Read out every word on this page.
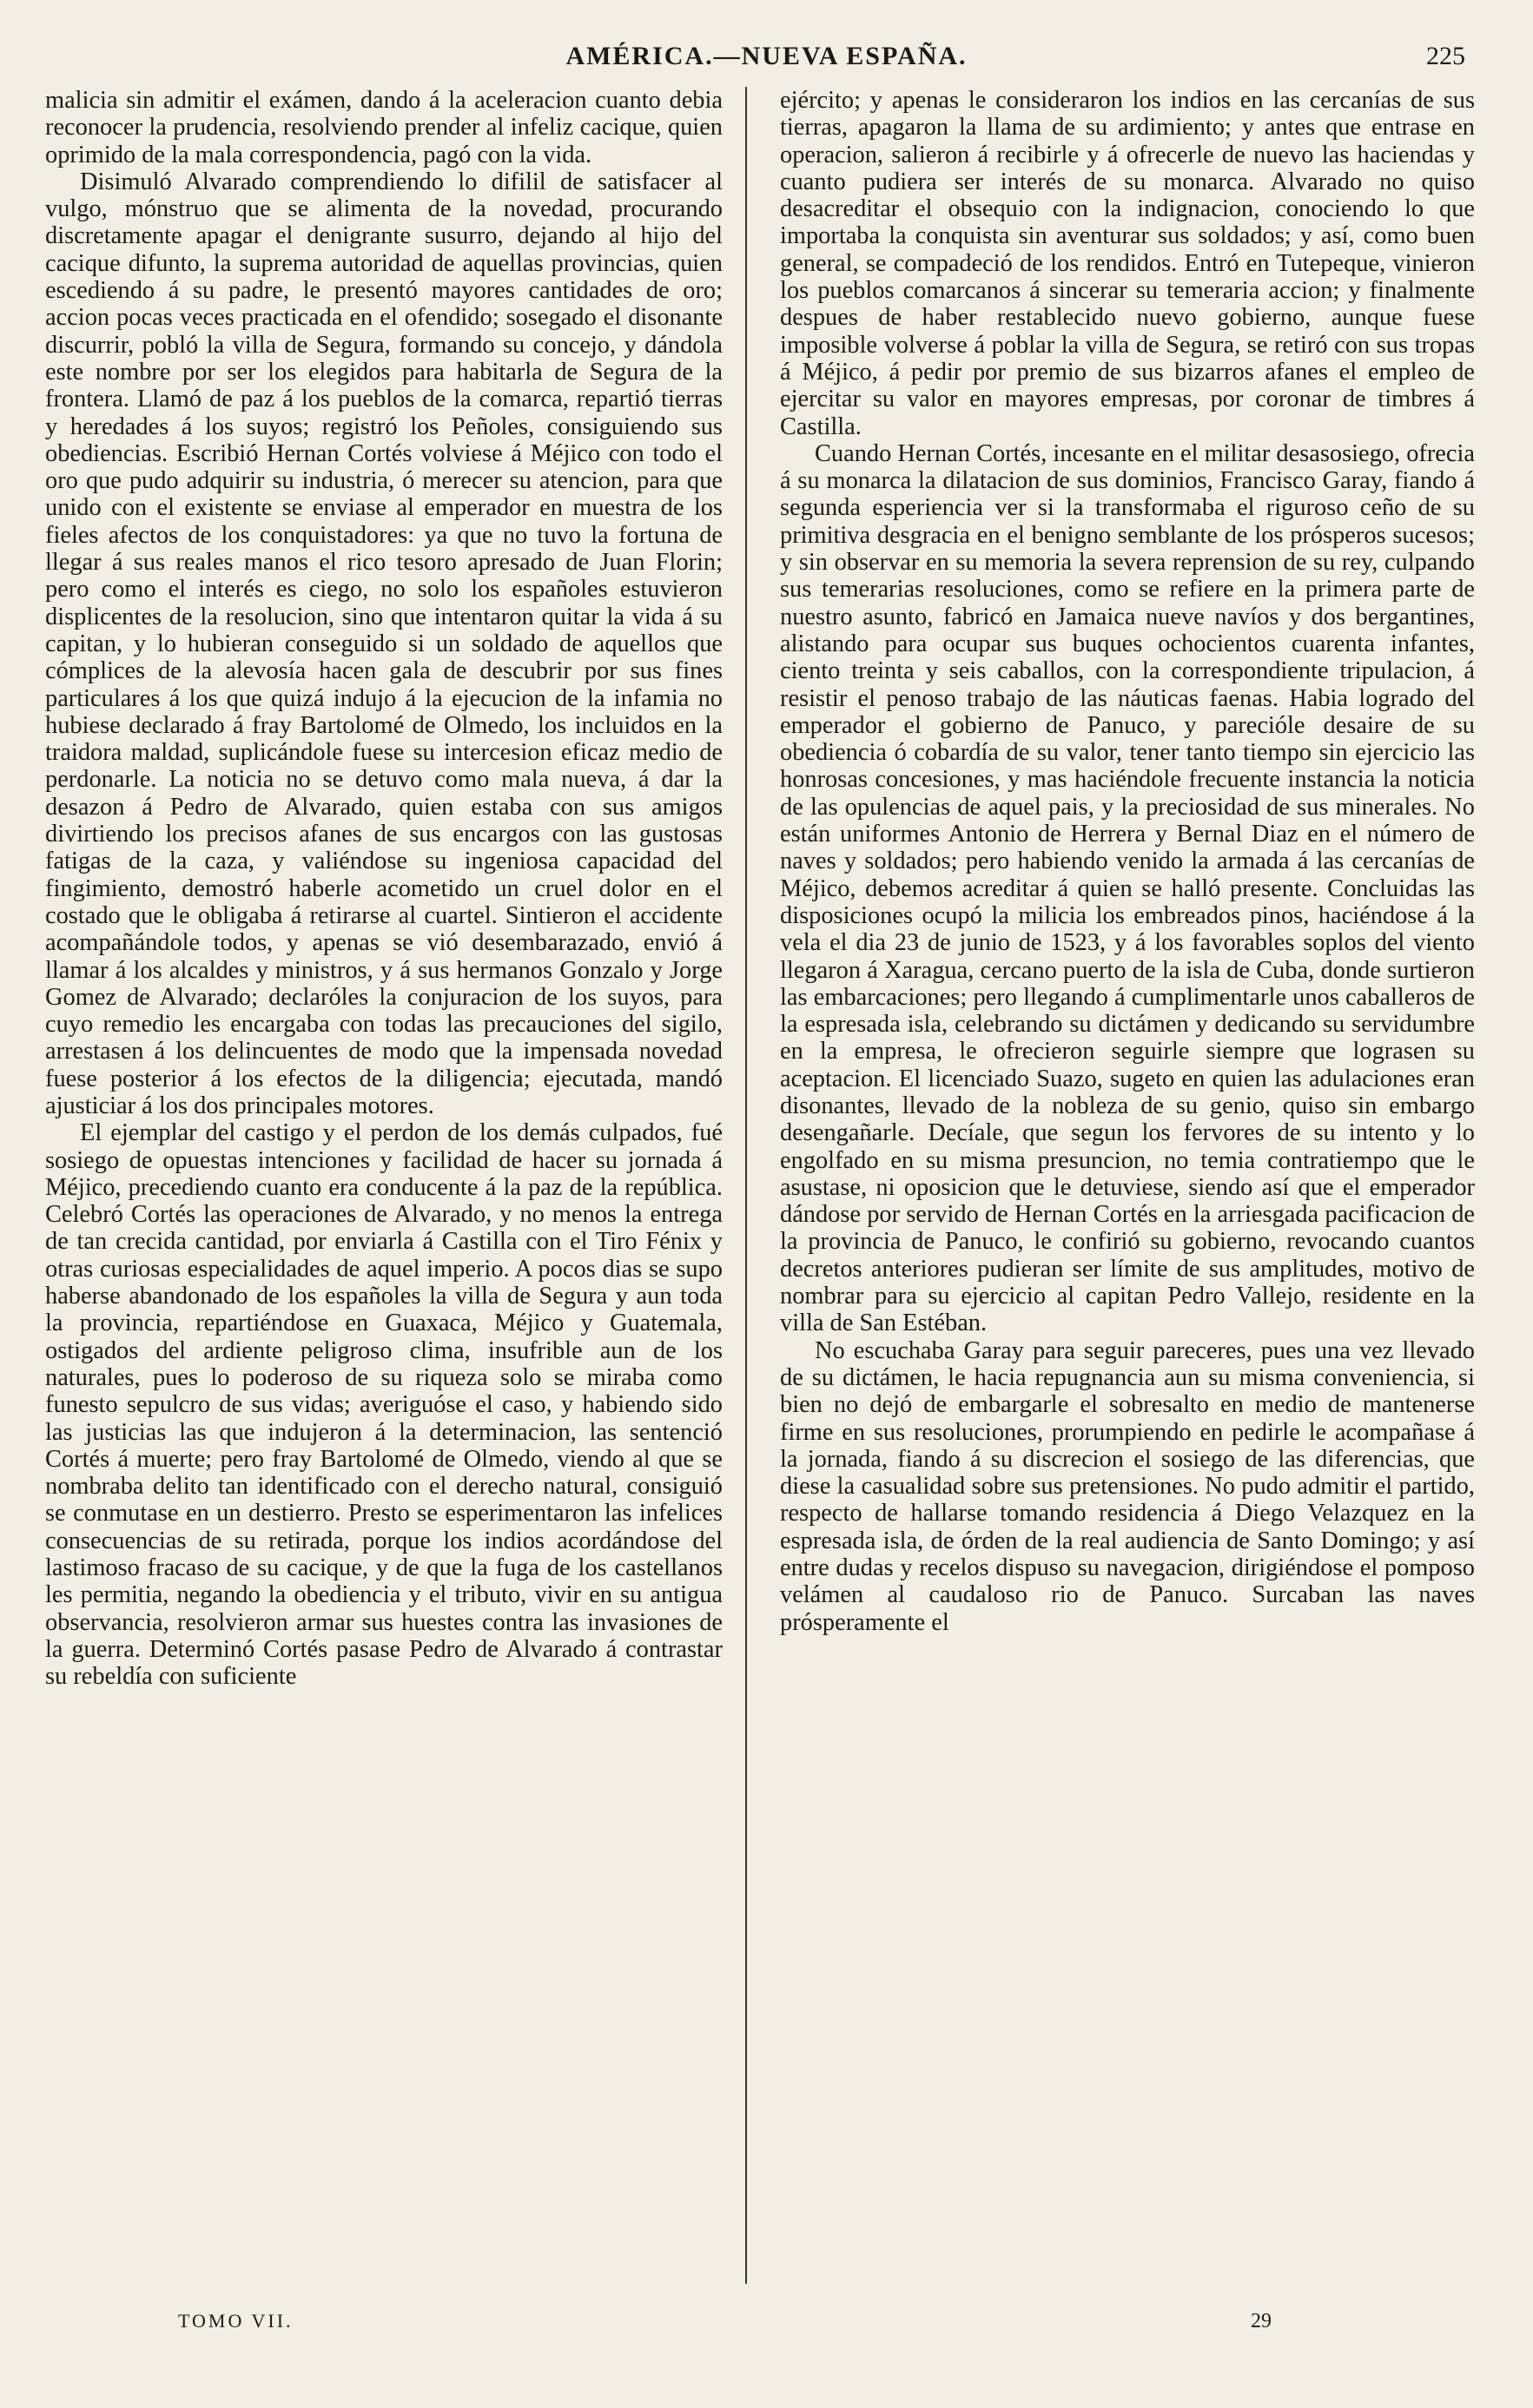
AMÉRICA.—NUEVA ESPAÑA.	225

malicia sin admitir el exámen, dando á la aceleracion cuanto debia reconocer la prudencia, resolviendo prender al infeliz cacique, quien oprimido de la mala correspondencia, pagó con la vida.

Disimuló Alvarado comprendiendo lo difilil de satisfacer al vulgo, mónstruo que se alimenta de la novedad, procurando discretamente apagar el denigrante susurro, dejando al hijo del cacique difunto, la suprema autoridad de aquellas provincias, quien escediendo á su padre, le presentó mayores cantidades de oro; accion pocas veces practicada en el ofendido; sosegado el disonante discurrir, pobló la villa de Segura, formando su concejo, y dándola este nombre por ser los elegidos para habitarla de Segura de la frontera. Llamó de paz á los pueblos de la comarca, repartió tierras y heredades á los suyos; registró los Peñoles, consiguiendo sus obediencias. Escribió Hernan Cortés volviese á Méjico con todo el oro que pudo adquirir su industria, ó merecer su atencion, para que unido con el existente se enviase al emperador en muestra de los fieles afectos de los conquistadores: ya que no tuvo la fortuna de llegar á sus reales manos el rico tesoro apresado de Juan Florin; pero como el interés es ciego, no solo los españoles estuvieron displicentes de la resolucion, sino que intentaron quitar la vida á su capitan, y lo hubieran conseguido si un soldado de aquellos que cómplices de la alevosía hacen gala de descubrir por sus fines particulares á los que quizá indujo á la ejecucion de la infamia no hubiese declarado á fray Bartolomé de Olmedo, los incluidos en la traidora maldad, suplicándole fuese su intercesion eficaz medio de perdonarle. La noticia no se detuvo como mala nueva, á dar la desazon á Pedro de Alvarado, quien estaba con sus amigos divirtiendo los precisos afanes de sus encargos con las gustosas fatigas de la caza, y valiéndose su ingeniosa capacidad del fingimiento, demostró haberle acometido un cruel dolor en el costado que le obligaba á retirarse al cuartel. Sintieron el accidente acompañándole todos, y apenas se vió desembarazado, envió á llamar á los alcaldes y ministros, y á sus hermanos Gonzalo y Jorge Gomez de Alvarado; declaróles la conjuracion de los suyos, para cuyo remedio les encargaba con todas las precauciones del sigilo, arrestasen á los delincuentes de modo que la impensada novedad fuese posterior á los efectos de la diligencia; ejecutada, mandó ajusticiar á los dos principales motores.

El ejemplar del castigo y el perdon de los demás culpados, fué sosiego de opuestas intenciones y facilidad de hacer su jornada á Méjico, precediendo cuanto era conducente á la paz de la república. Celebró Cortés las operaciones de Alvarado, y no menos la entrega de tan crecida cantidad, por enviarla á Castilla con el Tiro Fénix y otras curiosas especialidades de aquel imperio. A pocos dias se supo haberse abandonado de los españoles la villa de Segura y aun toda la provincia, repartiéndose en Guaxaca, Méjico y Guatemala, ostigados del ardiente peligroso clima, insufrible aun de los naturales, pues lo poderoso de su riqueza solo se miraba como funesto sepulcro de sus vidas; averiguóse el caso, y habiendo sido las justicias las que indujeron á la determinacion, las sentenció Cortés á muerte; pero fray Bartolomé de Olmedo, viendo al que se nombraba delito tan identificado con el derecho natural, consiguió se conmutase en un destierro. Presto se esperimentaron las infelices consecuencias de su retirada, porque los indios acordándose del lastimoso fracaso de su cacique, y de que la fuga de los castellanos les permitia, negando la obediencia y el tributo, vivir en su antigua observancia, resolvieron armar sus huestes contra las invasiones de la guerra. Determinó Cortés pasase Pedro de Alvarado á contrastar su rebeldía con suficiente

ejército; y apenas le consideraron los indios en las cercanías de sus tierras, apagaron la llama de su ardimiento; y antes que entrase en operacion, salieron á recibirle y á ofrecerle de nuevo las haciendas y cuanto pudiera ser interés de su monarca. Alvarado no quiso desacreditar el obsequio con la indignacion, conociendo lo que importaba la conquista sin aventurar sus soldados; y así, como buen general, se compadeció de los rendidos. Entró en Tutepeque, vinieron los pueblos comarcanos á sincerar su temeraria accion; y finalmente despues de haber restablecido nuevo gobierno, aunque fuese imposible volverse á poblar la villa de Segura, se retiró con sus tropas á Méjico, á pedir por premio de sus bizarros afanes el empleo de ejercitar su valor en mayores empresas, por coronar de timbres á Castilla.

Cuando Hernan Cortés, incesante en el militar desasosiego, ofrecia á su monarca la dilatacion de sus dominios, Francisco Garay, fiando á segunda esperiencia ver si la transformaba el riguroso ceño de su primitiva desgracia en el benigno semblante de los prósperos sucesos; y sin observar en su memoria la severa reprension de su rey, culpando sus temerarias resoluciones, como se refiere en la primera parte de nuestro asunto, fabricó en Jamaica nueve navíos y dos bergantines, alistando para ocupar sus buques ochocientos cuarenta infantes, ciento treinta y seis caballos, con la correspondiente tripulacion, á resistir el penoso trabajo de las náuticas faenas. Habia logrado del emperador el gobierno de Panuco, y parecióle desaire de su obediencia ó cobardía de su valor, tener tanto tiempo sin ejercicio las honrosas concesiones, y mas haciéndole frecuente instancia la noticia de las opulencias de aquel pais, y la preciosidad de sus minerales. No están uniformes Antonio de Herrera y Bernal Diaz en el número de naves y soldados; pero habiendo venido la armada á las cercanías de Méjico, debemos acreditar á quien se halló presente. Concluidas las disposiciones ocupó la milicia los embreados pinos, haciéndose á la vela el dia 23 de junio de 1523, y á los favorables soplos del viento llegaron á Xaragua, cercano puerto de la isla de Cuba, donde surtieron las embarcaciones; pero llegando á cumplimentarle unos caballeros de la espresada isla, celebrando su dictámen y dedicando su servidumbre en la empresa, le ofrecieron seguirle siempre que lograsen su aceptacion. El licenciado Suazo, sugeto en quien las adulaciones eran disonantes, llevado de la nobleza de su genio, quiso sin embargo desengañarle. Decíale, que segun los fervores de su intento y lo engolfado en su misma presuncion, no temia contratiempo que le asustase, ni oposicion que le detuviese, siendo así que el emperador dándose por servido de Hernan Cortés en la arriesgada pacificacion de la provincia de Panuco, le confirió su gobierno, revocando cuantos decretos anteriores pudieran ser límite de sus amplitudes, motivo de nombrar para su ejercicio al capitan Pedro Vallejo, residente en la villa de San Estéban.

No escuchaba Garay para seguir pareceres, pues una vez llevado de su dictámen, le hacia repugnancia aun su misma conveniencia, si bien no dejó de embargarle el sobresalto en medio de mantenerse firme en sus resoluciones, prorumpiendo en pedirle le acompañase á la jornada, fiando á su discrecion el sosiego de las diferencias, que diese la casualidad sobre sus pretensiones. No pudo admitir el partido, respecto de hallarse tomando residencia á Diego Velazquez en la espresada isla, de órden de la real audiencia de Santo Domingo; y así entre dudas y recelos dispuso su navegacion, dirigiéndose el pomposo velámen al caudaloso rio de Panuco. Surcaban las naves prósperamente el

TOMO VII.	29
